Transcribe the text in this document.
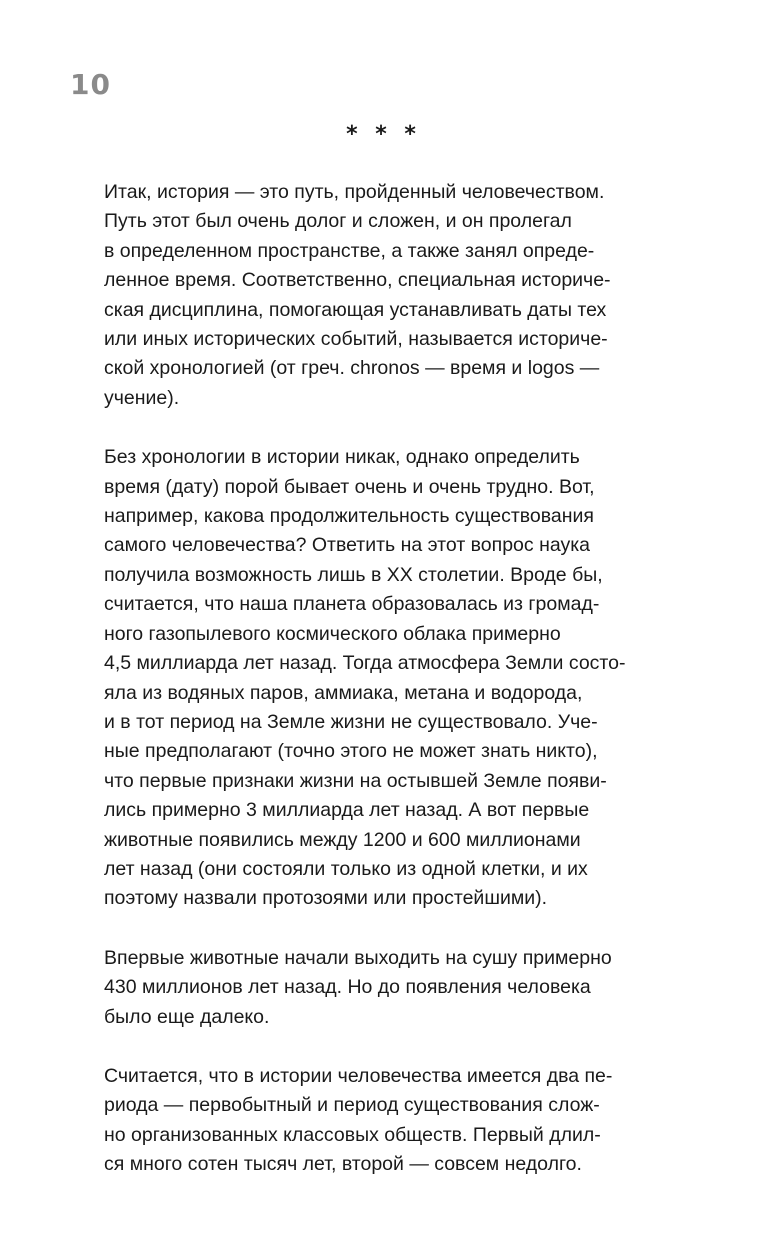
10
* * *

Итак, история — это путь, пройденный человечеством.
Путь этот был очень долог и сложен, и он пролегал
в определенном пространстве, а также занял опреде-
ленное время. Соответственно, специальная историче-
ская дисциплина, помогающая устанавливать даты тех
или иных исторических событий, называется историче-
ской хронологией (от греч. chronos — время и logos —
учение).

Без хронологии в истории никак, однако определить
время (дату) порой бывает очень и очень трудно. Вот,
например, какова продолжительность существования
самого человечества? Ответить на этот вопрос наука
получила возможность лишь в XX столетии. Вроде бы,
считается, что наша планета образовалась из громад-
ного газопылевого космического облака примерно
4,5 миллиарда лет назад. Тогда атмосфера Земли состо-
яла из водяных паров, аммиака, метана и водорода,
и в тот период на Земле жизни не существовало. Уче-
ные предполагают (точно этого не может знать никто),
что первые признаки жизни на остывшей Земле появи-
лись примерно 3 миллиарда лет назад. А вот первые
животные появились между 1200 и 600 миллионами
лет назад (они состояли только из одной клетки, и их
поэтому назвали протозоями или простейшими).

Впервые животные начали выходить на сушу примерно
430 миллионов лет назад. Но до появления человека
было еще далеко.

Считается, что в истории человечества имеется два пе-
риода — первобытный и период существования слож-
но организованных классовых обществ. Первый длил-
ся много сотен тысяч лет, второй — совсем недолго.
